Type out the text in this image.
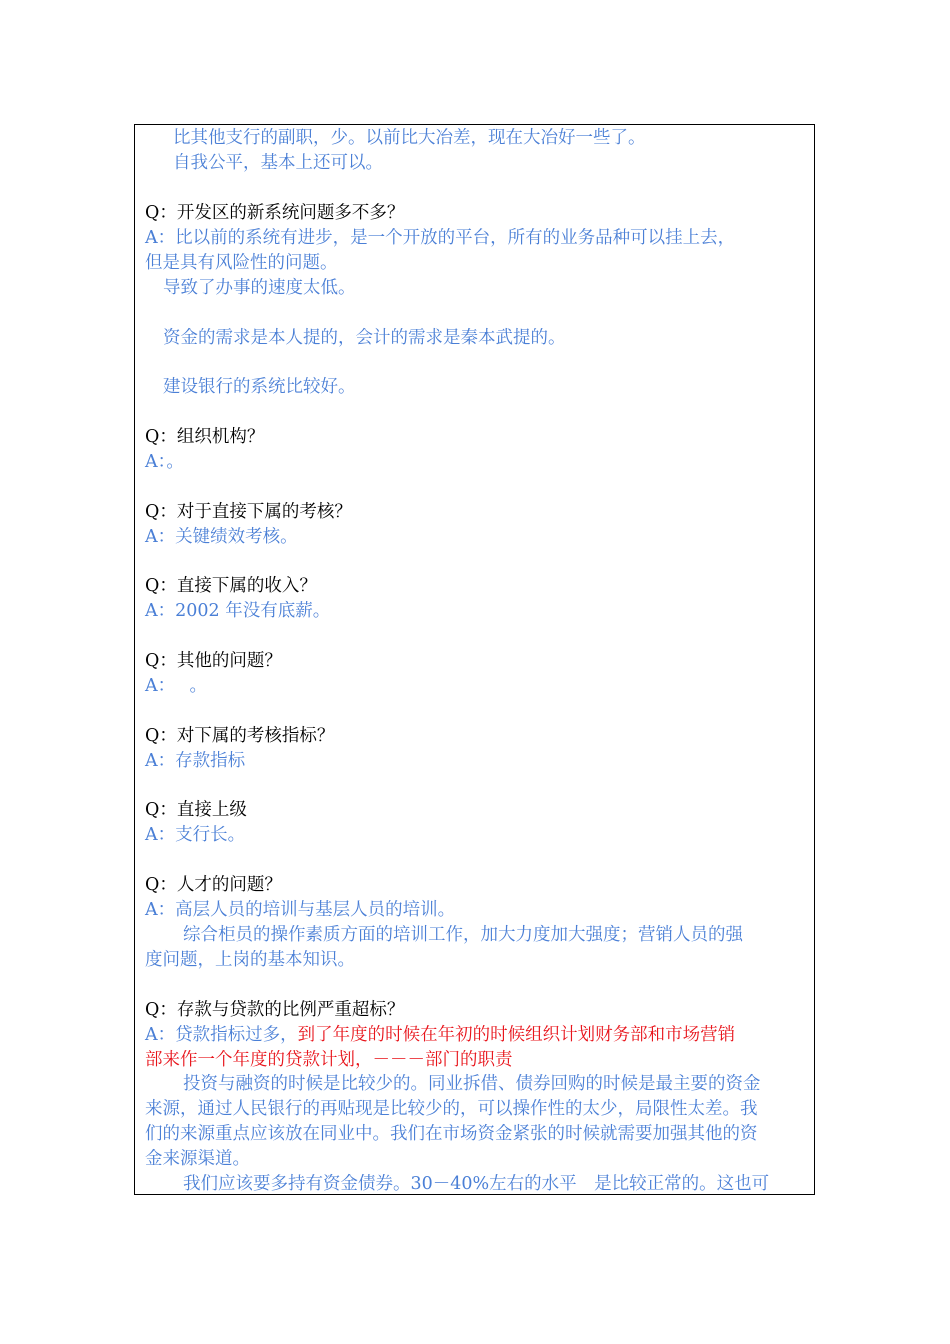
比其他支行的副职，少。以前比大冶差，现在大冶好一些了。
自我公平，基本上还可以。
Q：开发区的新系统问题多不多？
A：比以前的系统有进步，是一个开放的平台，所有的业务品种可以挂上去，
但是具有风险性的问题。
导致了办事的速度太低。
资金的需求是本人提的，会计的需求是秦本武提的。
建设银行的系统比较好。
Q：组织机构？
A：。
Q：对于直接下属的考核？
A：关键绩效考核。
Q：直接下属的收入？
A：2002 年没有底薪。
Q：其他的问题？
A：　 。
Q：对下属的考核指标？
A：存款指标
Q：直接上级
A：支行长。
Q：人才的问题？
A：高层人员的培训与基层人员的培训。
综合柜员的操作素质方面的培训工作，加大力度加大强度；营销人员的强
度问题，上岗的基本知识。
Q：存款与贷款的比例严重超标？
A：贷款指标过多，到了年度的时候在年初的时候组织计划财务部和市场营销
部来作一个年度的贷款计划，－－－部门的职责
投资与融资的时候是比较少的。同业拆借、债券回购的时候是最主要的资金
来源，通过人民银行的再贴现是比较少的，可以操作性的太少，局限性太差。我
们的来源重点应该放在同业中。我们在市场资金紧张的时候就需要加强其他的资
金来源渠道。
我们应该要多持有资金债券。30－40%左右的水平　是比较正常的。这也可
